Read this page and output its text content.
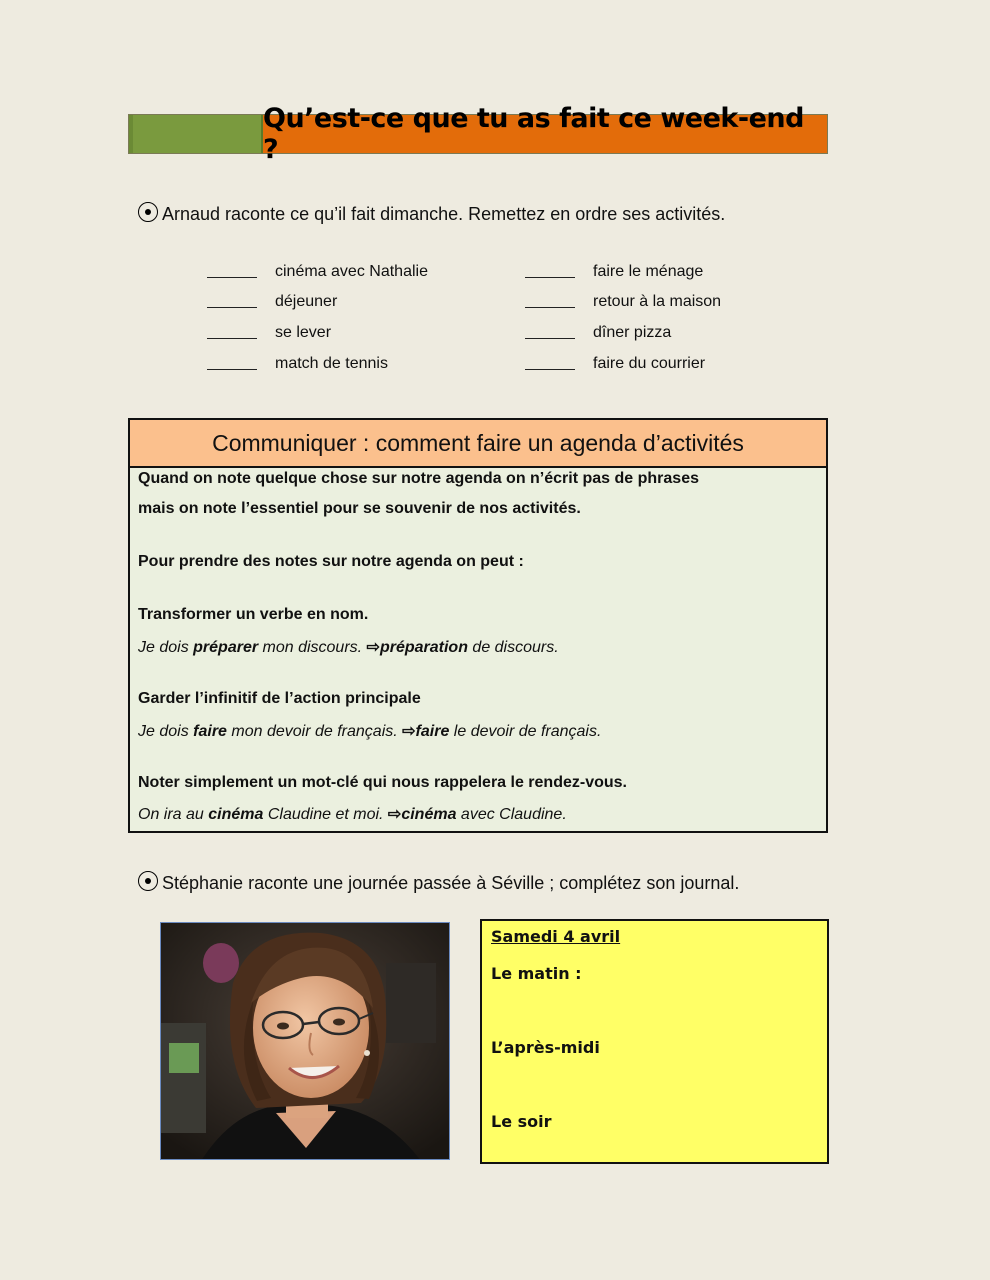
Qu’est-ce que tu as fait ce week-end ?
Arnaud raconte ce qu’il fait dimanche. Remettez en ordre ses activités.
cinéma avec Nathalie
déjeuner
se lever
match de tennis
faire le ménage
retour à la maison
dîner pizza
faire du courrier
Communiquer : comment faire un agenda d’activités
Quand on note quelque chose sur notre agenda on n’écrit pas de phrases
mais on note l’essentiel pour se souvenir de nos activités.
Pour prendre des notes sur notre agenda on peut :
Transformer un verbe en nom.
Je dois préparer mon discours. ⇨préparation de discours.
Garder l’infinitif de l’action principale
Je dois faire mon devoir de français. ⇨faire le devoir de français.
Noter simplement un mot-clé qui nous rappelera le rendez-vous.
On ira au cinéma Claudine et moi. ⇨cinéma avec Claudine.
Stéphanie raconte une journée passée à Séville ; complétez son journal.
Samedi 4 avril
Le matin :
L’après-midi
Le soir
